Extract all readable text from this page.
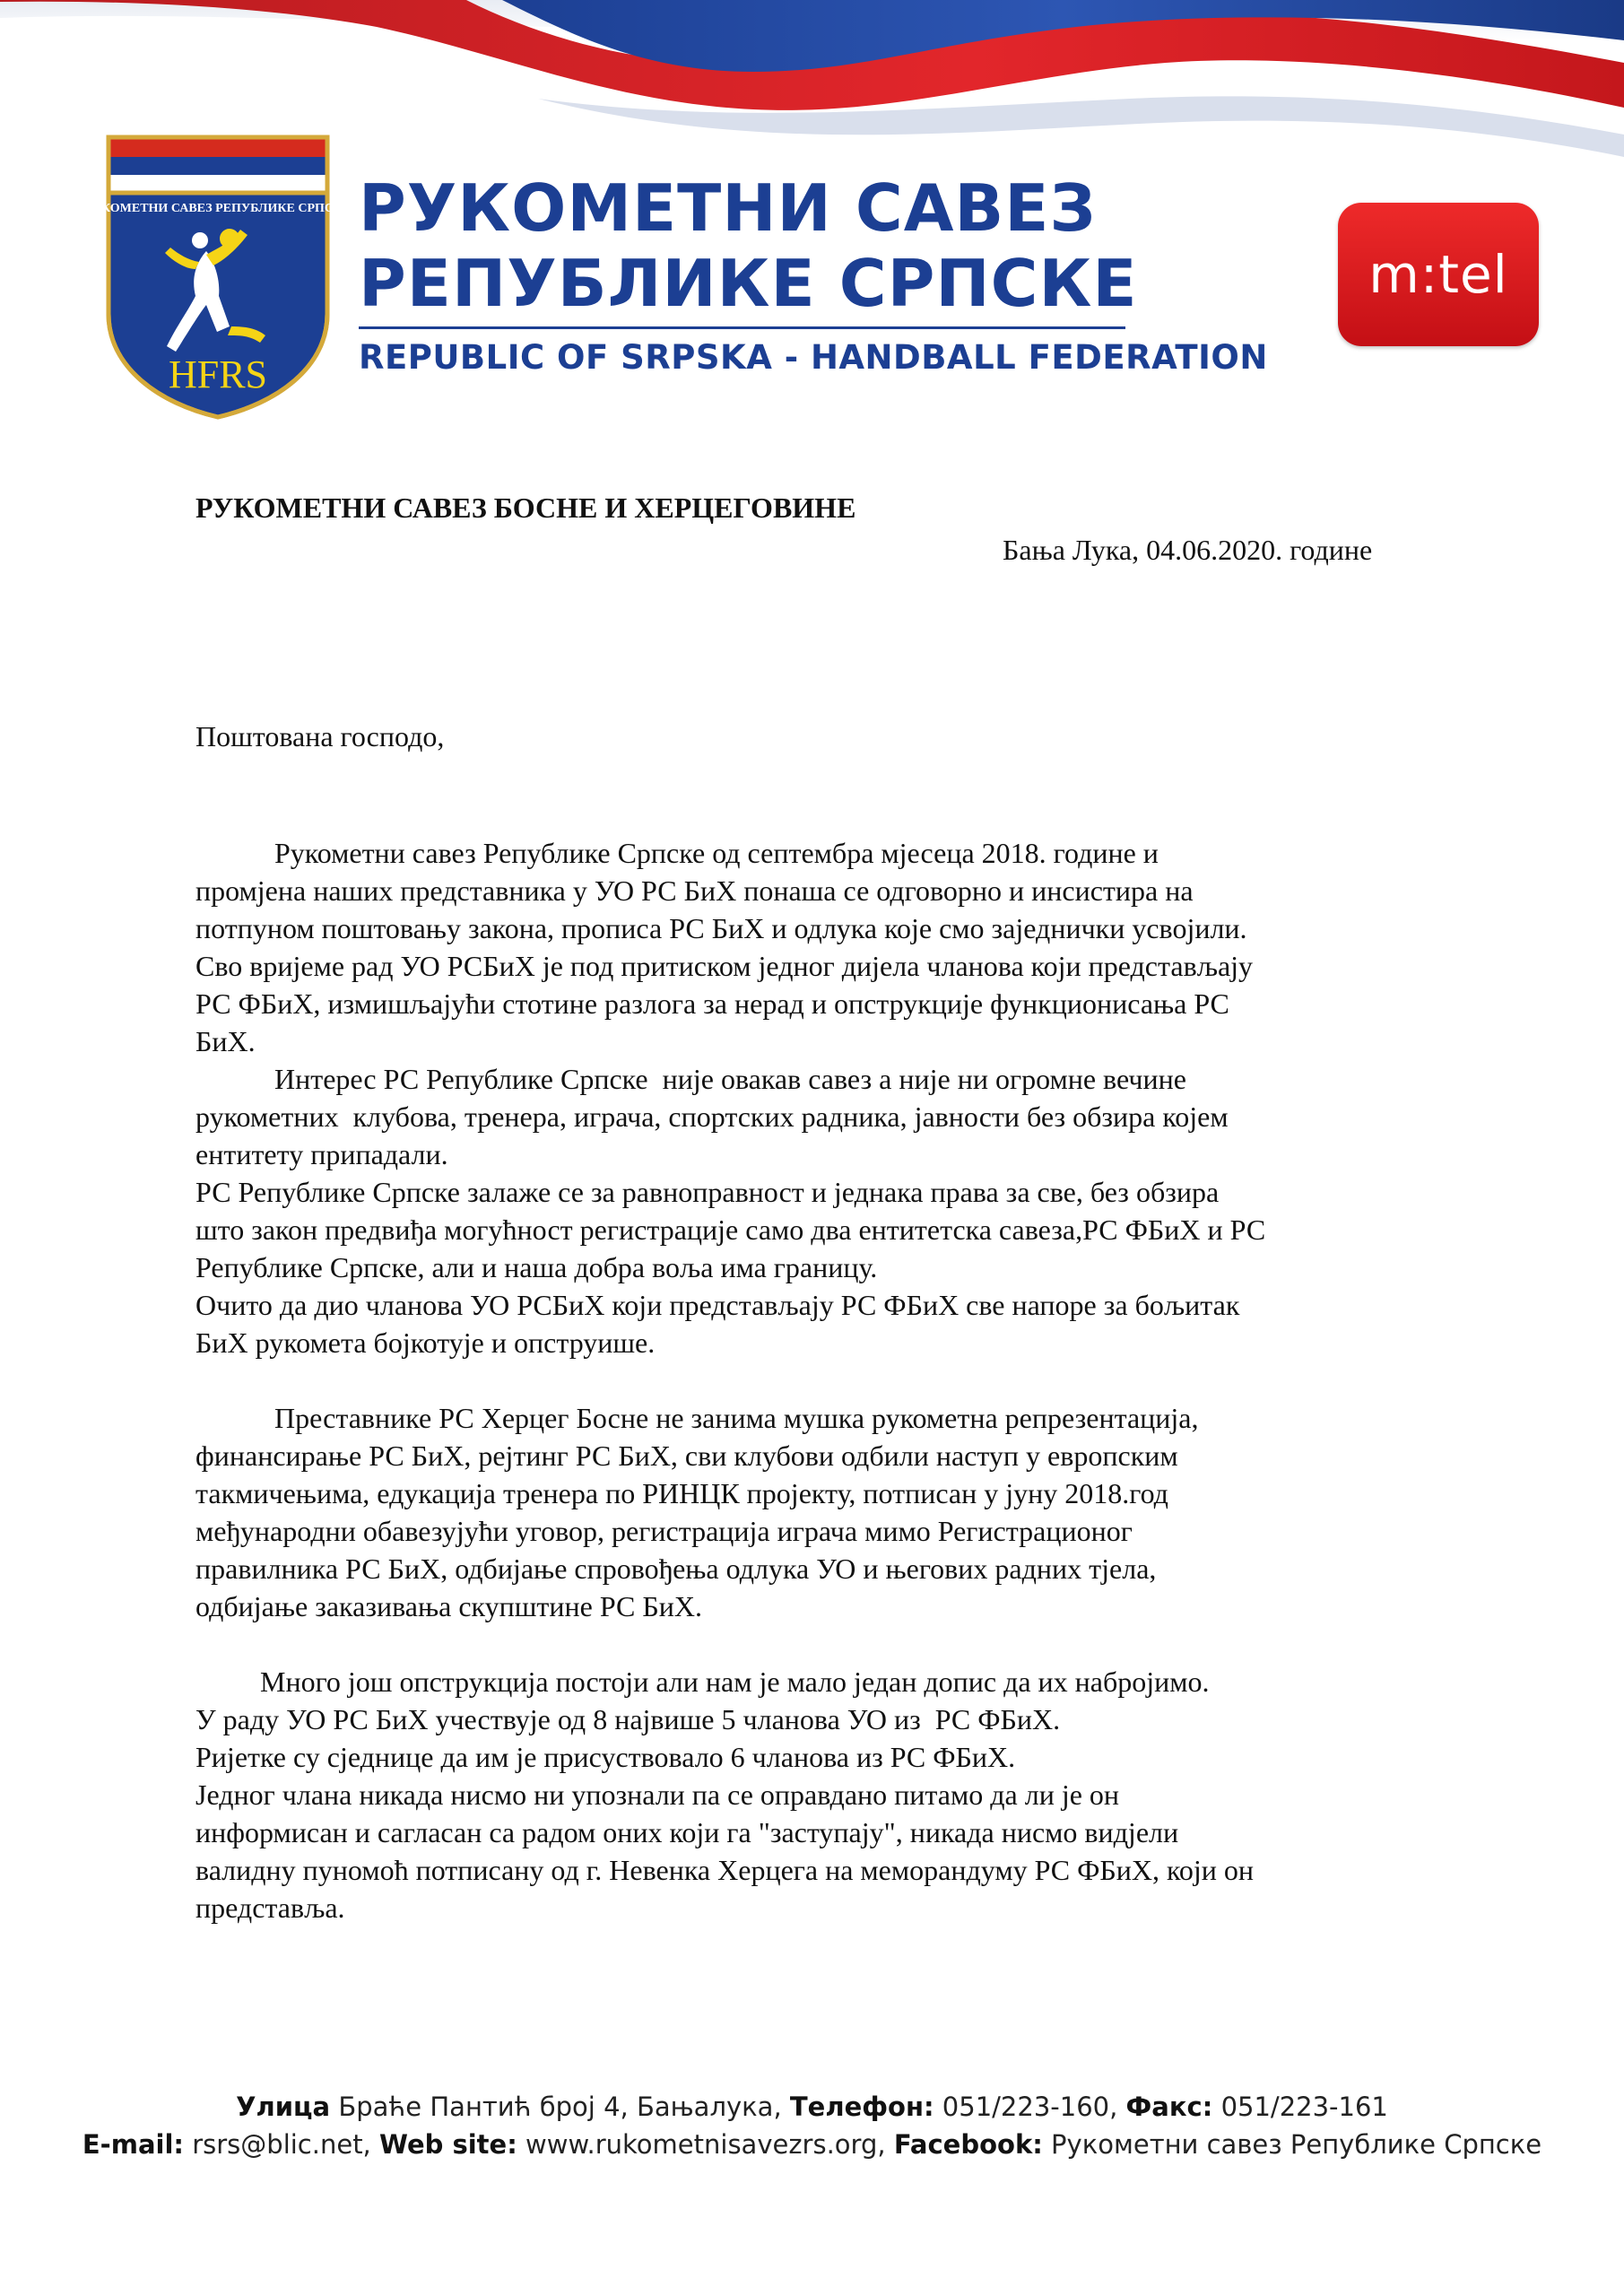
РУКОМЕТНИ САВЕЗ РЕПУБЛИКЕ СРПСКЕ
HFRS
РУКОМЕТНИ САВЕЗ
РЕПУБЛИКЕ СРПСКЕ
REPUBLIC OF SRPSKA - HANDBALL FEDERATION
m:tel
РУКОМЕТНИ САВЕЗ БОСНЕ И ХЕРЦЕГОВИНЕ
Бања Лука, 04.06.2020. године
Поштована господо,

Рукометни савез Републике Српске од септембра мјесеца 2018. године и

промјена наших представника у УО РС БиХ понаша се одговорно и инсистира на

потпуном поштовању закона, прописа РС БиХ и одлука које смо заједнички усвојили.

Сво вријеме рад УО РСБиХ је под притиском једног дијела чланова који представљају

РС ФБиХ, измишљајући стотине разлога за нерад и опструкције функционисања РС

БиХ.

Интерес РС Републике Српске  није овакав савез а није ни огромне вечине

рукометних  клубова, тренера, играча, спортских радника, јавности без обзира којем

ентитету припадали.

РС Републике Српске залаже се за равноправност и једнака права за све, без обзира

што закон предвиђа могућност регистрације само два ентитетска савеза,РС ФБиХ и РС

Републике Српске, али и наша добра воља има границу.

Очито да дио чланова УО РСБиХ који представљају РС ФБиХ све напоре за бољитак

БиХ рукомета бојкотује и опструише.

Преставнике РС Херцег Босне не занима мушка рукометна репрезентација,

финансирање РС БиХ, рејтинг РС БиХ, сви клубови одбили наступ у европским

такмичењима, едукација тренера по РИНЦК пројекту, потписан у јуну 2018.год

међународни обавезујући уговор, регистрација играча мимо Регистрационог

правилника РС БиХ, одбијање спровођења одлука УО и његових радних тјела,

одбијање заказивања скупштине РС БиХ.

Много још опструкција постоји али нам је мало један допис да их набројимо.

У раду УО РС БиХ учествује од 8 највише 5 чланова УО из  РС ФБиХ.

Ријетке су сједнице да им је присуствовало 6 чланова из РС ФБиХ.

Једног члана никада нисмо ни упознали па се оправдано питамо да ли је он

информисан и сагласан са радом оних који га "заступају", никада нисмо видјели

валидну пуномоћ потписану од г. Невенка Херцега на меморандуму РС ФБиХ, који он

представља.

Улица Браће Пантић број 4, Бањалука, Телефон: 051/223-160, Факс: 051/223-161
E-mail: rsrs@blic.net, Web site: www.rukometnisavezrs.org, Facebook: Рукометни савез Републике Српске
